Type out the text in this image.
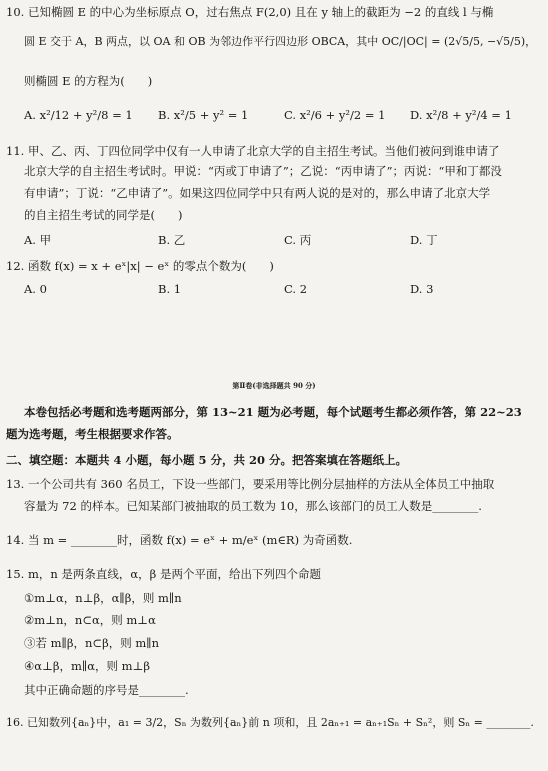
10. 已知椭圆 E 的中心为坐标原点 O，过右焦点 F(2,0) 且在 y 轴上的截距为 −2 的直线 l 与椭
圆 E 交于 A，B 两点，以 OA 和 OB 为邻边作平行四边形 OBCA，其中 OC/|OC| = (2√5/5, −√5/5)，
则椭圆 E 的方程为(　　)
A. x²/12 + y²/8 = 1 B. x²/5 + y² = 1	C. x²/6 + y²/2 = 1 D. x²/8 + y²/4 = 1
11. 甲、乙、丙、丁四位同学中仅有一人申请了北京大学的自主招生考试。当他们被问到谁申请了
北京大学的自主招生考试时。甲说：“丙或丁申请了”；乙说：“丙申请了”；丙说：“甲和丁都没
有申请”；丁说：“乙申请了”。如果这四位同学中只有两人说的是对的，那么申请了北京大学
的自主招生考试的同学是(　　)
A. 甲	B. 乙	C. 丙	D. 丁
12. 函数 f(x) = x + eˣ|x| − eˣ 的零点个数为(　　)
A. 0	B. 1	C. 2	D. 3
第Ⅱ卷(非选择题共 90 分)
本卷包括必考题和选考题两部分，第 13~21 题为必考题，每个试题考生都必须作答，第 22~23
题为选考题，考生根据要求作答。
二、填空题：本题共 4 小题，每小题 5 分，共 20 分。把答案填在答题纸上。
13. 一个公司共有 360 名员工，下设一些部门，要采用等比例分层抽样的方法从全体员工中抽取
容量为 72 的样本。已知某部门被抽取的员工数为 10，那么该部门的员工人数是________.
14. 当 m = ________时，函数 f(x) = eˣ + m/eˣ (m∈R) 为奇函数.
15. m，n 是两条直线，α，β 是两个平面，给出下列四个命题
①m⊥α，n⊥β，α∥β，则 m∥n
②m⊥n，n⊂α，则 m⊥α
③若 m∥β，n⊂β，则 m∥n
④α⊥β，m∥α，则 m⊥β
其中正确命题的序号是________.
16. 已知数列{aₙ}中，a₁ = 3/2，Sₙ 为数列{aₙ}前 n 项和，且 2aₙ₊₁ = aₙ₊₁Sₙ + Sₙ²，则 Sₙ = ________.
